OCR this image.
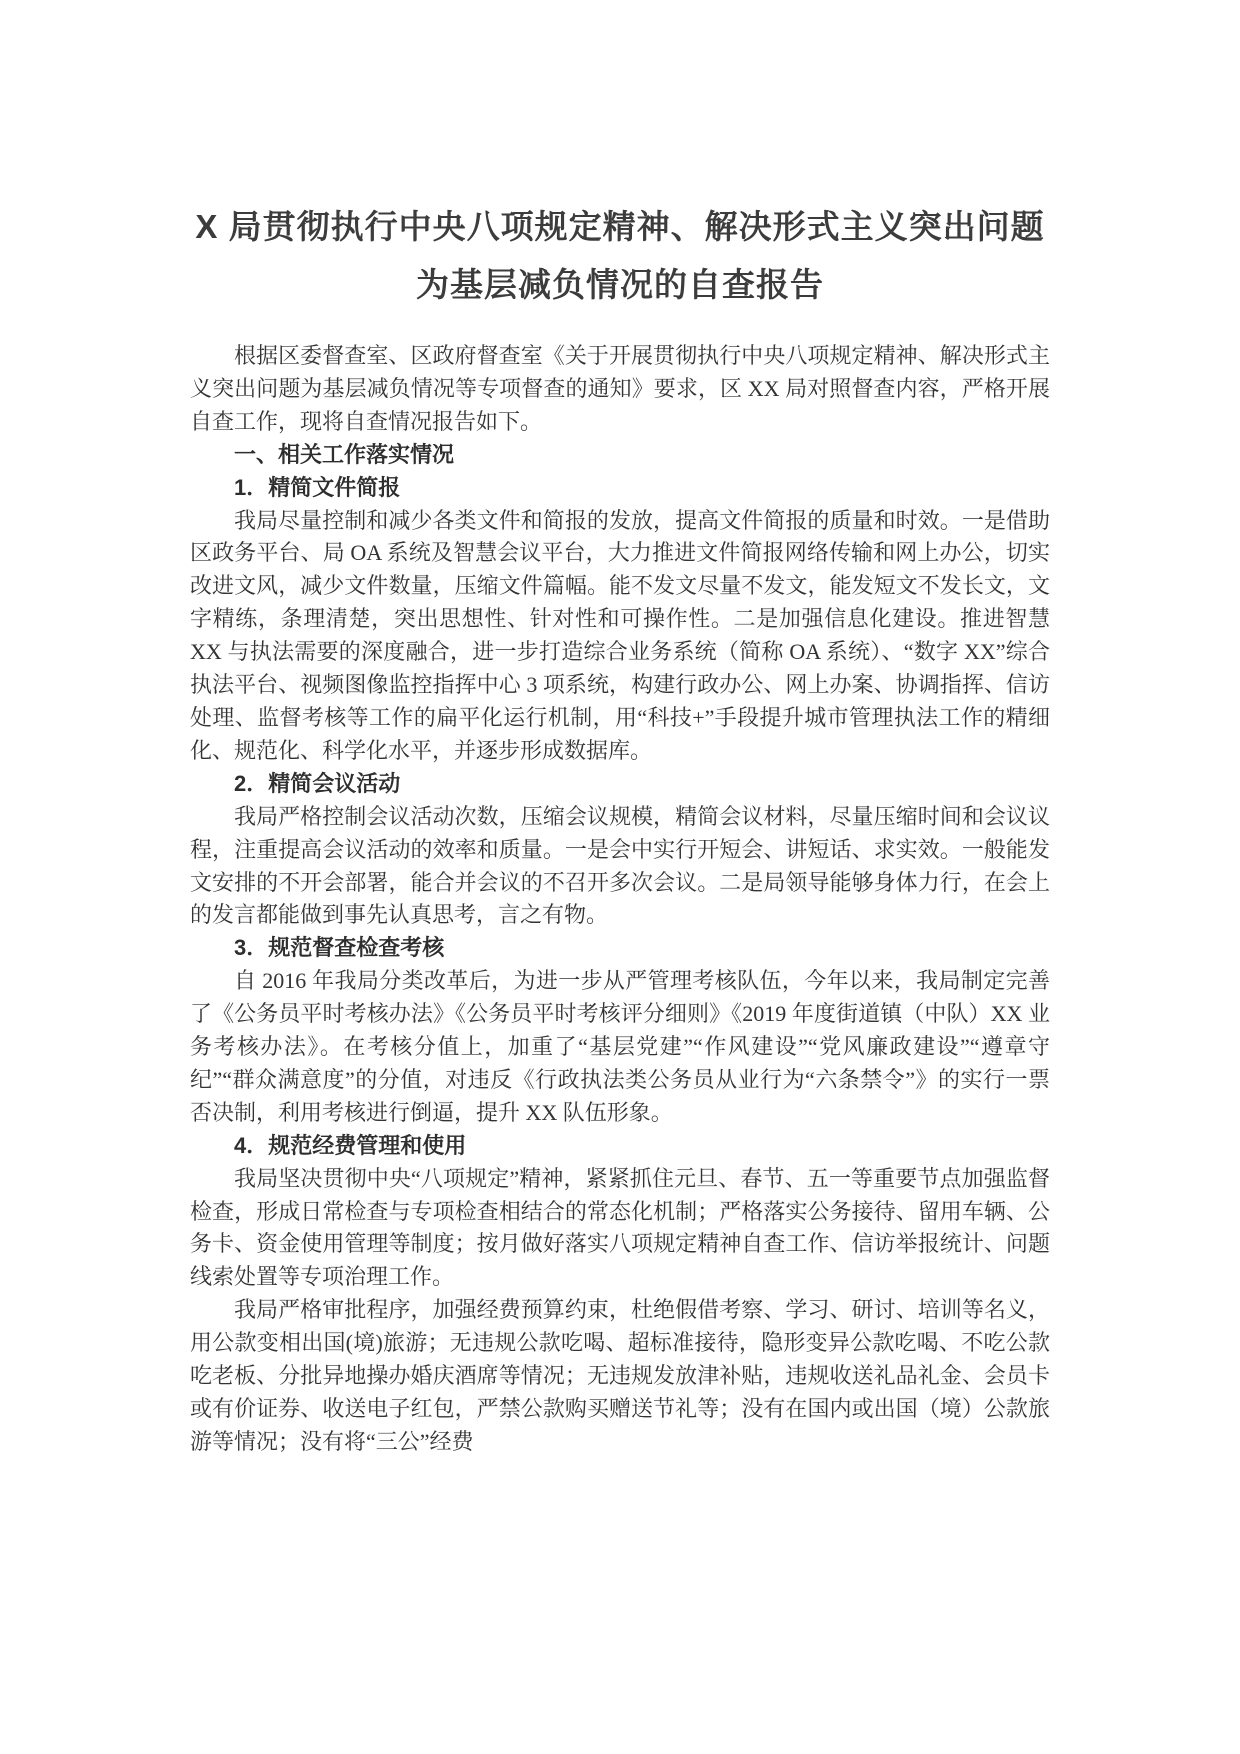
X 局贯彻执行中央八项规定精神、解决形式主义突出问题为基层减负情况的自查报告

根据区委督查室、区政府督查室《关于开展贯彻执行中央八项规定精神、解决形式主义突出问题为基层减负情况等专项督查的通知》要求，区 XX 局对照督查内容，严格开展自查工作，现将自查情况报告如下。

一、相关工作落实情况
1．精简文件简报

我局尽量控制和减少各类文件和简报的发放，提高文件简报的质量和时效。一是借助区政务平台、局 OA 系统及智慧会议平台，大力推进文件简报网络传输和网上办公，切实改进文风，减少文件数量，压缩文件篇幅。能不发文尽量不发文，能发短文不发长文，文字精练，条理清楚，突出思想性、针对性和可操作性。二是加强信息化建设。推进智慧 XX 与执法需要的深度融合，进一步打造综合业务系统（简称 OA 系统）、“数字 XX”综合执法平台、视频图像监控指挥中心 3 项系统，构建行政办公、网上办案、协调指挥、信访处理、监督考核等工作的扁平化运行机制，用“科技+”手段提升城市管理执法工作的精细化、规范化、科学化水平，并逐步形成数据库。

2．精简会议活动

我局严格控制会议活动次数，压缩会议规模，精简会议材料，尽量压缩时间和会议议程，注重提高会议活动的效率和质量。一是会中实行开短会、讲短话、求实效。一般能发文安排的不开会部署，能合并会议的不召开多次会议。二是局领导能够身体力行，在会上的发言都能做到事先认真思考，言之有物。

3．规范督查检查考核

自 2016 年我局分类改革后，为进一步从严管理考核队伍，今年以来，我局制定完善了《公务员平时考核办法》《公务员平时考核评分细则》《2019 年度街道镇（中队）XX 业务考核办法》。在考核分值上，加重了“基层党建”“作风建设”“党风廉政建设”“遵章守纪”“群众满意度”的分值，对违反《行政执法类公务员从业行为“六条禁令”》的实行一票否决制，利用考核进行倒逼，提升 XX 队伍形象。

4．规范经费管理和使用

我局坚决贯彻中央“八项规定”精神，紧紧抓住元旦、春节、五一等重要节点加强监督检查，形成日常检查与专项检查相结合的常态化机制；严格落实公务接待、留用车辆、公务卡、资金使用管理等制度；按月做好落实八项规定精神自查工作、信访举报统计、问题线索处置等专项治理工作。

我局严格审批程序，加强经费预算约束，杜绝假借考察、学习、研讨、培训等名义，用公款变相出国(境)旅游；无违规公款吃喝、超标准接待，隐形变异公款吃喝、不吃公款吃老板、分批异地操办婚庆酒席等情况；无违规发放津补贴，违规收送礼品礼金、会员卡或有价证券、收送电子红包，严禁公款购买赠送节礼等；没有在国内或出国（境）公款旅游等情况；没有将“三公”经费
